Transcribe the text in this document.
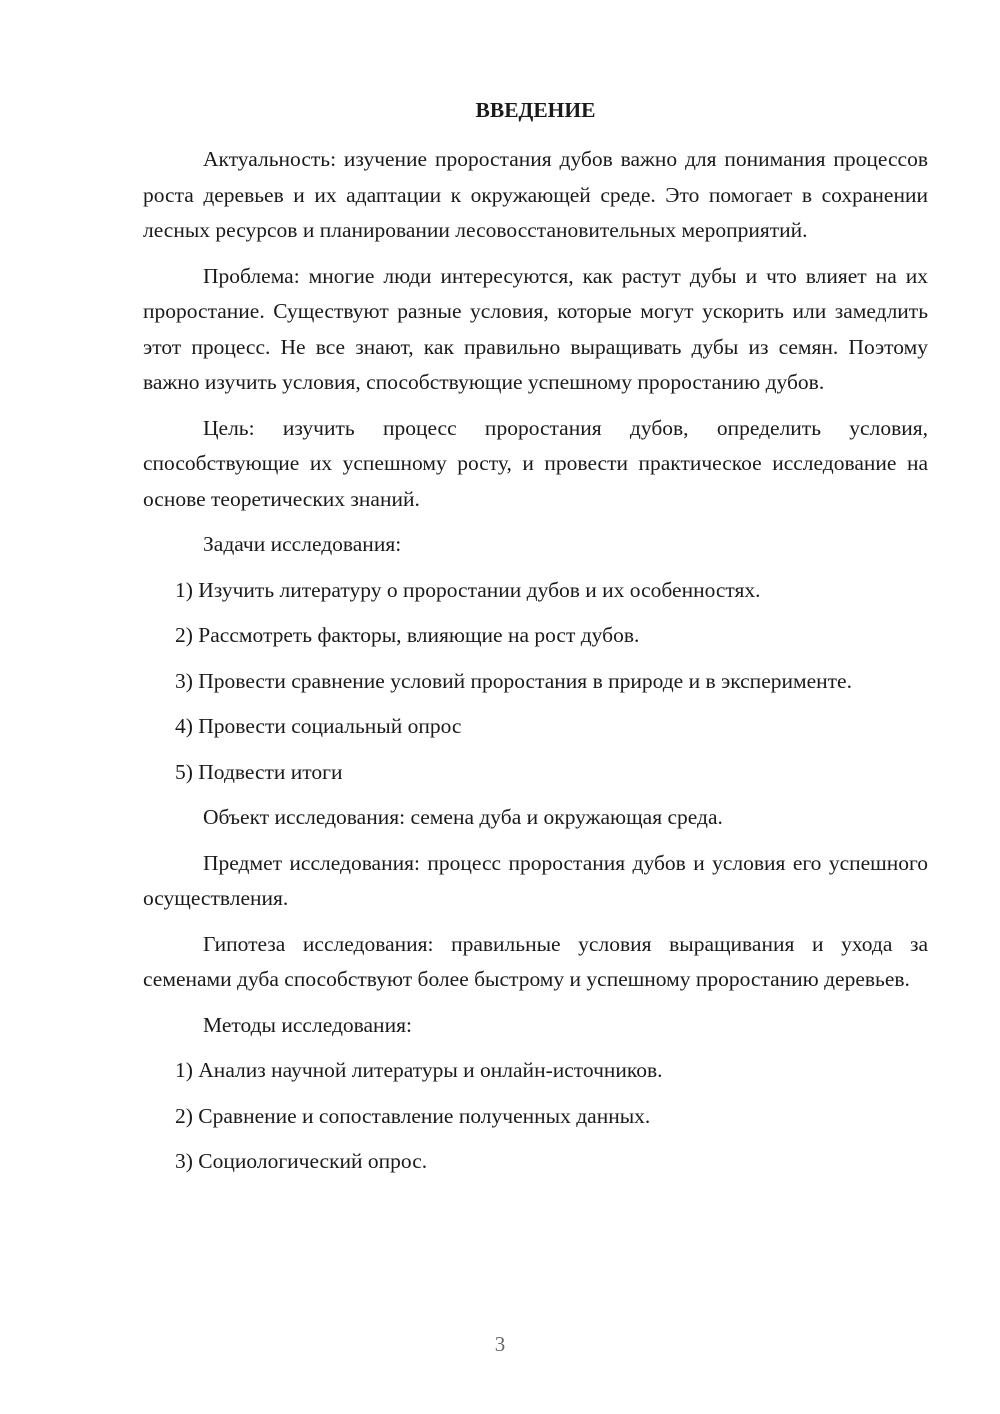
ВВЕДЕНИЕ

Актуальность: изучение проростания дубов важно для понимания процессов роста деревьев и их адаптации к окружающей среде. Это помогает в сохранении лесных ресурсов и планировании лесовосстановительных мероприятий.

Проблема: многие люди интересуются, как растут дубы и что влияет на их проростание. Существуют разные условия, которые могут ускорить или замедлить этот процесс. Не все знают, как правильно выращивать дубы из семян. Поэтому важно изучить условия, способствующие успешному проростанию дубов.

Цель: изучить процесс проростания дубов, определить условия, способствующие их успешному росту, и провести практическое исследование на основе теоретических знаний.

Задачи исследования:

1) Изучить литературу о проростании дубов и их особенностях.

2) Рассмотреть факторы, влияющие на рост дубов.

3) Провести сравнение условий проростания в природе и в эксперименте.

4) Провести социальный опрос

5) Подвести итоги

Объект исследования: семена дуба и окружающая среда.

Предмет исследования: процесс проростания дубов и условия его успешного осуществления.

Гипотеза исследования: правильные условия выращивания и ухода за семенами дуба способствуют более быстрому и успешному проростанию деревьев.

Методы исследования:

1) Анализ научной литературы и онлайн-источников.

2) Сравнение и сопоставление полученных данных.

3) Социологический опрос.

3
